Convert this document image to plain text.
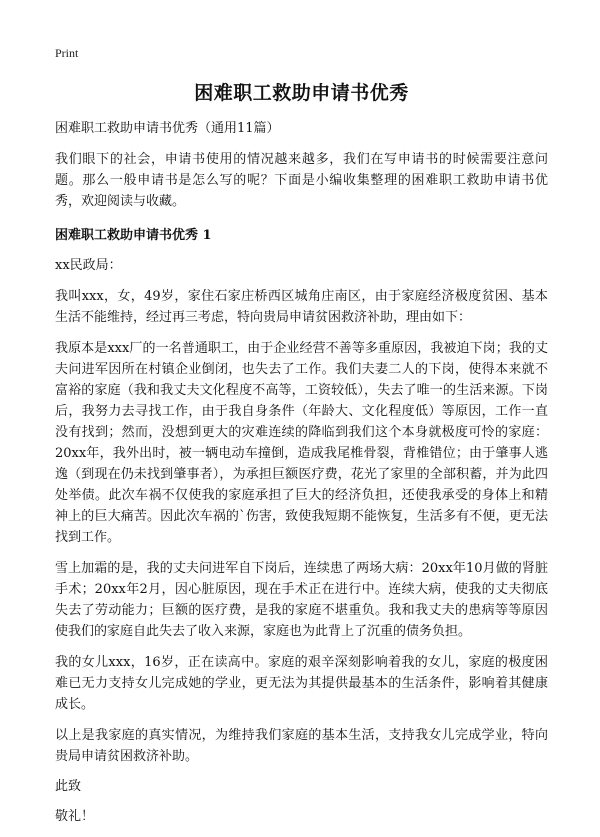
Print
困难职工救助申请书优秀
困难职工救助申请书优秀（通用11篇）

我们眼下的社会，申请书使用的情况越来越多，我们在写申请书的时候需要注意问题。那么一般申请书是怎么写的呢？下面是小编收集整理的困难职工救助申请书优秀，欢迎阅读与收藏。

困难职工救助申请书优秀 1
xx民政局：

我叫xxx，女，49岁，家住石家庄桥西区城角庄南区，由于家庭经济极度贫困、基本生活不能维持，经过再三考虑，特向贵局申请贫困救济补助，理由如下：

我原本是xxx厂的一名普通职工，由于企业经营不善等多重原因，我被迫下岗；我的丈夫问进军因所在村镇企业倒闭，也失去了工作。我们夫妻二人的下岗，使得本来就不富裕的家庭（我和我丈夫文化程度不高等，工资较低），失去了唯一的生活来源。下岗后，我努力去寻找工作，由于我自身条件（年龄大、文化程度低）等原因，工作一直没有找到；然而，没想到更大的灾难连续的降临到我们这个本身就极度可怜的家庭：20xx年，我外出时，被一辆电动车撞倒，造成我尾椎骨裂，背椎错位；由于肇事人逃逸（到现在仍未找到肇事者），为承担巨额医疗费，花光了家里的全部积蓄，并为此四处举债。此次车祸不仅使我的家庭承担了巨大的经济负担，还使我承受的身体上和精神上的巨大痛苦。因此次车祸的`伤害，致使我短期不能恢复，生活多有不便，更无法找到工作。

雪上加霜的是，我的丈夫问进军自下岗后，连续患了两场大病：20xx年10月做的肾脏手术；20xx年2月，因心脏原因，现在手术正在进行中。连续大病，使我的丈夫彻底失去了劳动能力；巨额的医疗费，是我的家庭不堪重负。我和我丈夫的患病等等原因使我们的家庭自此失去了收入来源，家庭也为此背上了沉重的债务负担。

我的女儿xxx，16岁，正在读高中。家庭的艰辛深刻影响着我的女儿，家庭的极度困难已无力支持女儿完成她的学业，更无法为其提供最基本的生活条件，影响着其健康成长。

以上是我家庭的真实情况，为维持我们家庭的基本生活，支持我女儿完成学业，特向贵局申请贫困救济补助。

此致
敬礼！
